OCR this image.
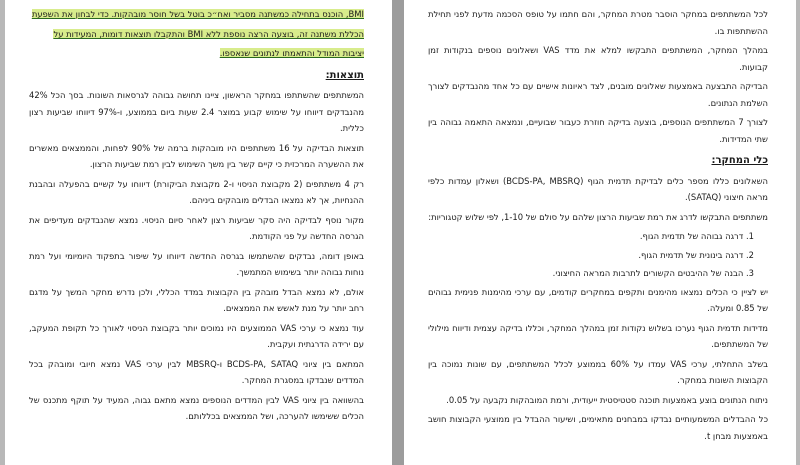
BMI, הוכנס בתחילה כמשתנה מסביר ואח״כ בוטל בשל חוסר מובהקות. כדי לבחון את השפעת

הכללת משתנה זה, בוצעה הרצה נוספת ללא BMI והתקבלו תוצאות דומות, המעידות על

יציבות המודל והתאמתו לנתונים שנאספו.

תוצאות:

המשתתפים שהשתתפו במחקר הראשון, ציינו תחושה גבוהה לגרסאות השונות. בסך הכל 42% מהנבדקים דיווחו על שימוש קבוע במוצר 2.4 שעות ביום בממוצע, ו-97% דיווחו שביעות רצון כללית.

תוצאות הבדיקה על 16 משתתפים היו מובהקות ברמה של 90% לפחות, והממצאים מאשרים את ההשערה המרכזית כי קיים קשר בין משך השימוש לבין רמת שביעות הרצון.

רק 4 משתתפים (2 מקבוצת הניסוי ו-2 מקבוצת הביקורת) דיווחו על קשיים בהפעלה ובהבנת ההנחיות, אך לא נמצאו הבדלים מובהקים ביניהם.

מקור נוסף לבדיקה היה סקר שביעות רצון לאחר סיום הניסוי. נמצא שהנבדקים מעדיפים את הגרסה החדשה על פני הקודמת.

באופן דומה, נבדקים שהשתמשו בגרסה החדשה דיווחו על שיפור בתפקוד היומיומי ועל רמת נוחות גבוהה יותר בשימוש המתמשך.

אולם, לא נמצא הבדל מובהק בין הקבוצות במדד הכללי, ולכן נדרש מחקר המשך על מדגם רחב יותר על מנת לאשש את הממצאים.

עוד נמצא כי ערכי VAS הממוצעים היו נמוכים יותר בקבוצת הניסוי לאורך כל תקופת המעקב, עם ירידה הדרגתית ועקבית.

המתאם בין ציוני BCDS-PA, SATAQ ו-MBSRQ לבין ערכי VAS נמצא חיובי ומובהק בכל המדדים שנבדקו במסגרת המחקר.

בהשוואה בין ציוני VAS לבין המדדים הנוספים נמצא מתאם גבוה, המעיד על תוקף מתכנס של הכלים ששימשו להערכה, ושל הממצאים בכללותם.

לכל המשתתפים במחקר הוסבר מטרת המחקר, והם חתמו על טופס הסכמה מדעת לפני תחילת ההשתתפות בו.

במהלך המחקר, המשתתפים התבקשו למלא את מדד VAS ושאלונים נוספים בנקודות זמן קבועות.

הבדיקה התבצעה באמצעות שאלונים מובנים, לצד ראיונות אישיים עם כל אחד מהנבדקים לצורך השלמת הנתונים.

לצורך 7 המשתתפים הנוספים, בוצעה בדיקה חוזרת כעבור שבועיים, ונמצאה התאמה גבוהה בין שתי המדידות.

כלי המחקר:

השאלונים כללו מספר כלים לבדיקת תדמית הגוף (BCDS-PA, MBSRQ) ושאלון עמדות כלפי מראה חיצוני (SATAQ).

משתתפים התבקשו לדרג את רמת שביעות הרצון שלהם על סולם של 1-10, לפי שלוש קטגוריות:

1. דרגה גבוהה של תדמית הגוף.
2. דרגה בינונית של תדמית הגוף.
3. הבנה של ההיבטים הקשורים לתרבות המראה החיצוני.

יש לציין כי הכלים נמצאו מהימנים ותקפים במחקרים קודמים, עם ערכי מהימנות פנימית גבוהים של 0.85 ומעלה.

מדידות תדמית הגוף נערכו בשלוש נקודות זמן במהלך המחקר, וכללו בדיקה עצמית ודיווח מילולי של המשתתפים.

בשלב התחלתי, ערכי VAS עמדו על 60% בממוצע לכלל המשתתפים, עם שונות נמוכה בין הקבוצות השונות במחקר.

ניתוח הנתונים בוצע באמצעות תוכנה סטטיסטית ייעודית, ורמת המובהקות נקבעה על 0.05.

כל ההבדלים המשמעותיים נבדקו במבחנים מתאימים, ושיעור ההבדל בין ממוצעי הקבוצות חושב באמצעות מבחן t.
